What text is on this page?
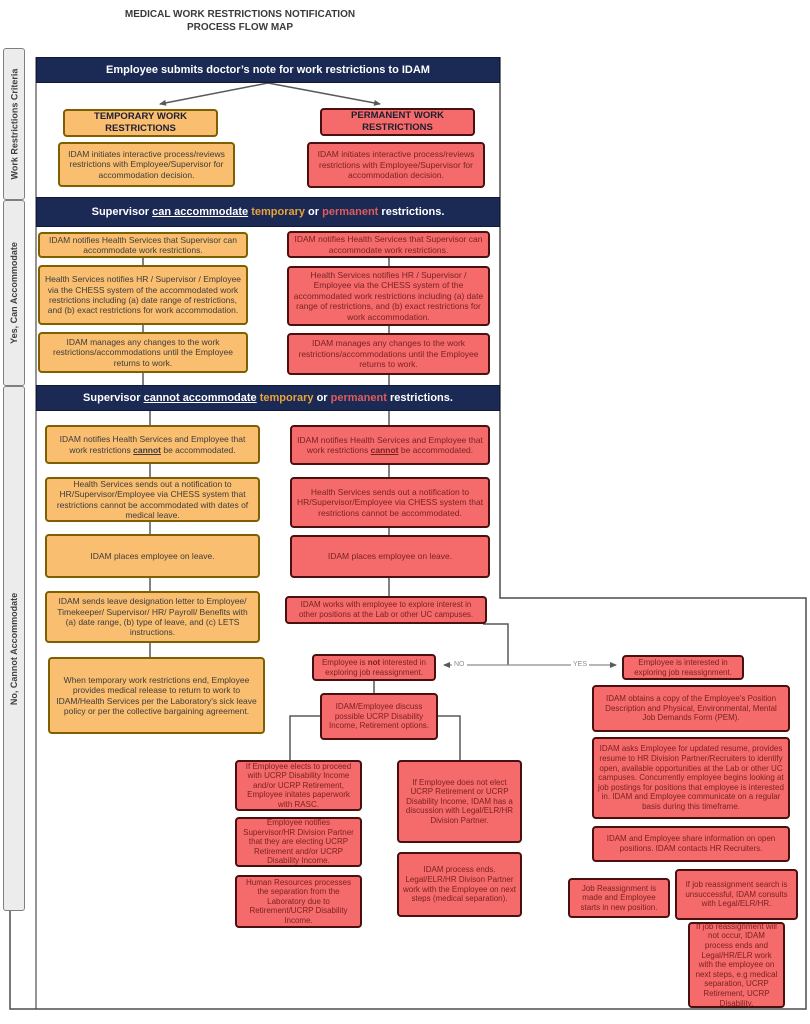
MEDICAL WORK RESTRICTIONS NOTIFICATION
PROCESS FLOW MAP
Work Restrictions Criteria
Yes, Can Accommodate
No, Cannot Accommodate
Employee submits doctor’s note for work restrictions to IDAM
Supervisor can accommodate temporary or permanent restrictions.
Supervisor cannot accommodate temporary or permanent restrictions.
TEMPORARY WORK RESTRICTIONS
PERMANENT WORK RESTRICTIONS
IDAM initiates interactive process/reviews restrictions with Employee/Supervisor for accommodation decision.
IDAM initiates interactive process/reviews restrictions with Employee/Supervisor for accommodation decision.
IDAM notifies Health Services that Supervisor can accommodate work restrictions.
Health Services notifies HR / Supervisor / Employee via the CHESS system of the accommodated work restrictions including (a) date range of restrictions, and (b) exact restrictions for work accommodation.
IDAM manages any changes to the work restrictions/accommodations until the Employee returns to work.
IDAM notifies Health Services that Supervisor can accommodate work restrictions.
Health Services notifies HR / Supervisor / Employee via the CHESS system of the accommodated work restrictions including (a) date range of restrictions, and (b) exact restrictions for work accommodation.
IDAM manages any changes to the work restrictions/accommodations until the Employee returns to work.
IDAM notifies Health Services and Employee that work restrictions cannot be accommodated.
Health Services sends out a notification to HR/Supervisor/Employee via CHESS system that restrictions cannot be accommodated with dates of medical leave.
IDAM places employee on leave.
IDAM sends leave designation letter to Employee/ Timekeeper/ Supervisor/ HR/ Payroll/ Benefits with (a) date range, (b) type of leave, and (c) LETS instructions.
When temporary work restrictions end, Employee provides medical release to return to work to IDAM/Health Services per the Laboratory's sick leave policy or per the collective bargaining agreement.
IDAM notifies Health Services and Employee that work restrictions cannot be accommodated.
Health Services sends out a notification to HR/Supervisor/Employee via CHESS system that restrictions cannot be accommodated.
IDAM places employee on leave.
IDAM works with employee to explore interest in other positions at the Lab or other UC campuses.
Employee is not interested in exploring job reassignment.
Employee is interested in exploring job reassignment.
NO	YES
IDAM/Employee discuss possible UCRP Disability Income, Retirement options.
If Employee elects to proceed with UCRP Disability Income and/or UCRP Retirement, Employee initates paperwork with RASC.
Employee notifies Supervisor/HR Division Partner that they are electing UCRP Retirement and/or UCRP Disability Income.
Human Resources processes the separation from the Laboratory due to Retirement/UCRP Disability Income.
If Employee does not elect UCRP Retirement or UCRP Disability Income, IDAM has a discussion with Legal/ELR/HR Division Partner.
IDAM process ends. Legal/ELR/HR Divison Partner work with the Employee on next steps (medical separation).
IDAM obtains a copy of the Employee's Position Description and Physical, Environmental, Mental Job Demands Form (PEM).
IDAM asks Employee for updated resume, provides resume to HR Division Partner/Recruiters to identify open, available opportunities at the Lab or other UC campuses. Concurrently employee begins looking at job postings for positions that employee is interested in. IDAM and Employee communicate on a regular basis during this timeframe.
IDAM and Employee share information on open positions. IDAM contacts HR Recruiters.
Job Reassignment is made and Employee starts in new position.
If job reassignment search is unsuccessful, IDAM consults with Legal/ELR/HR.
If job reassignment will not occur, IDAM process ends and Legal/HR/ELR work with the employee on next steps, e.g medical separation, UCRP Retirement, UCRP Disability.
